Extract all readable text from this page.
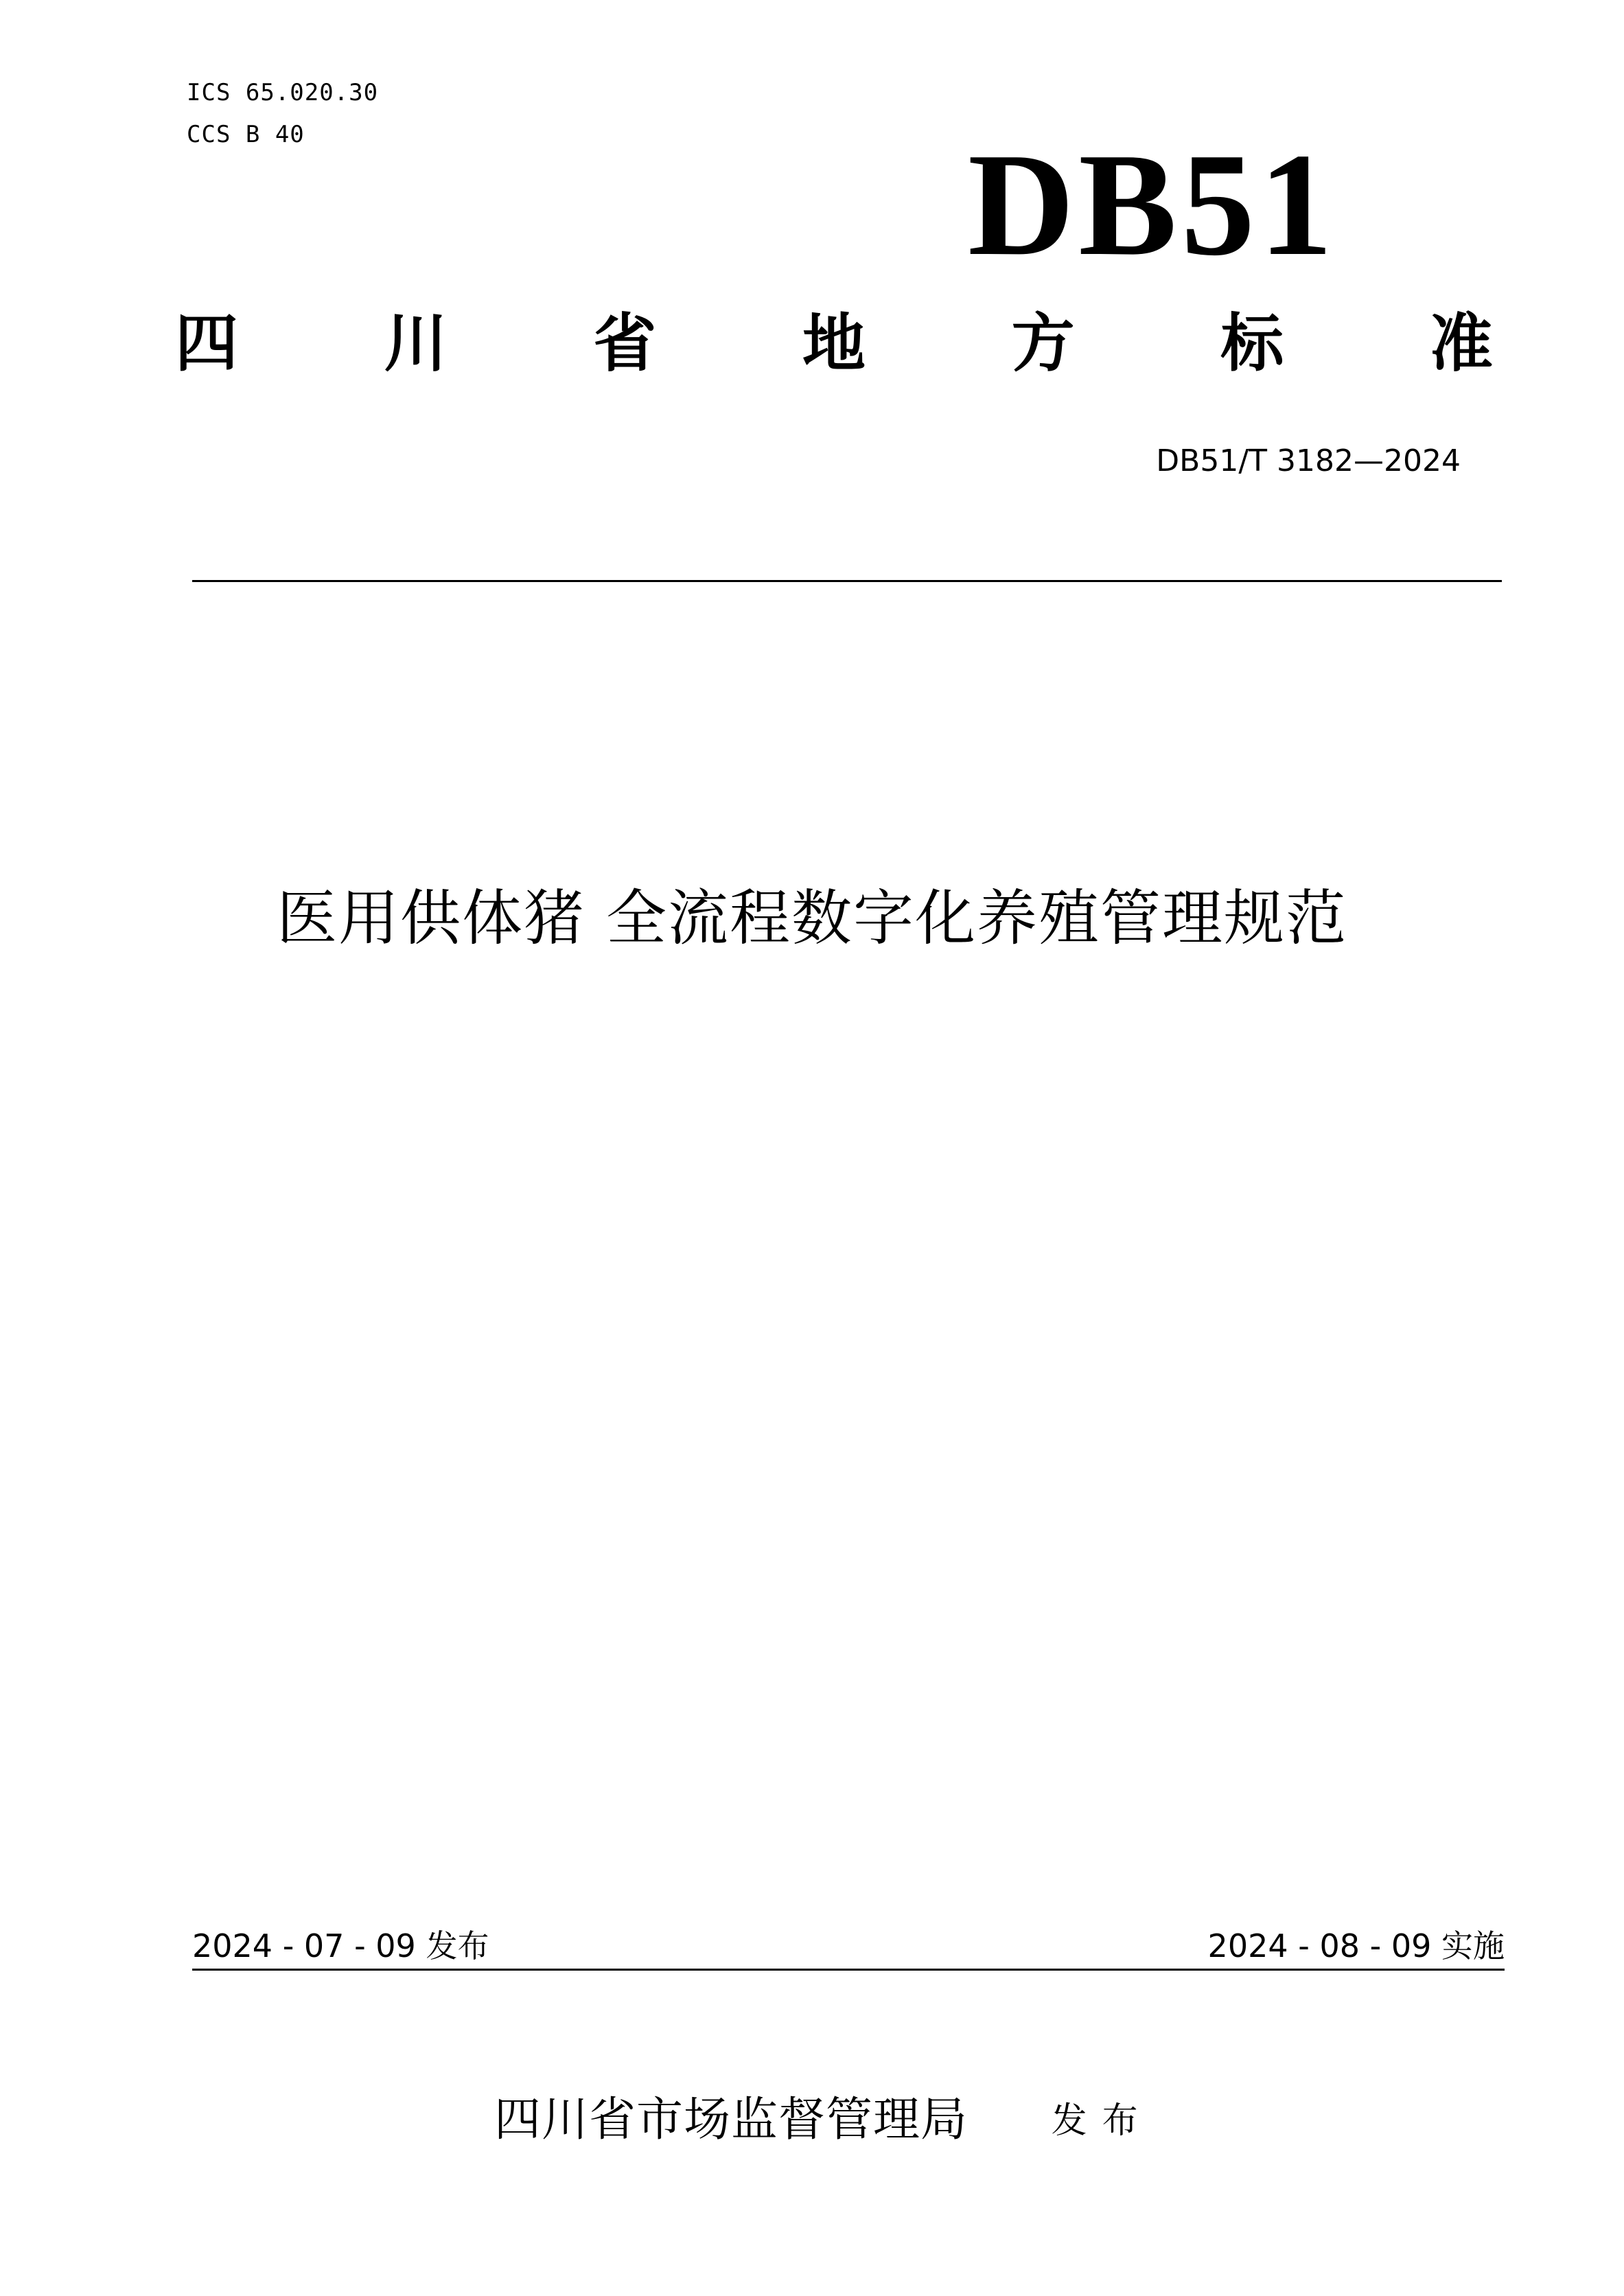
ICS 65.020.30
CCS B 40	DB51
四 川 省 地 方 标 准
DB51/T 3182—2024
医用供体猪 全流程数字化养殖管理规范
2024 - 07 - 09 发布	2024 - 08 - 09 实施
四川省市场监督管理局 发布
